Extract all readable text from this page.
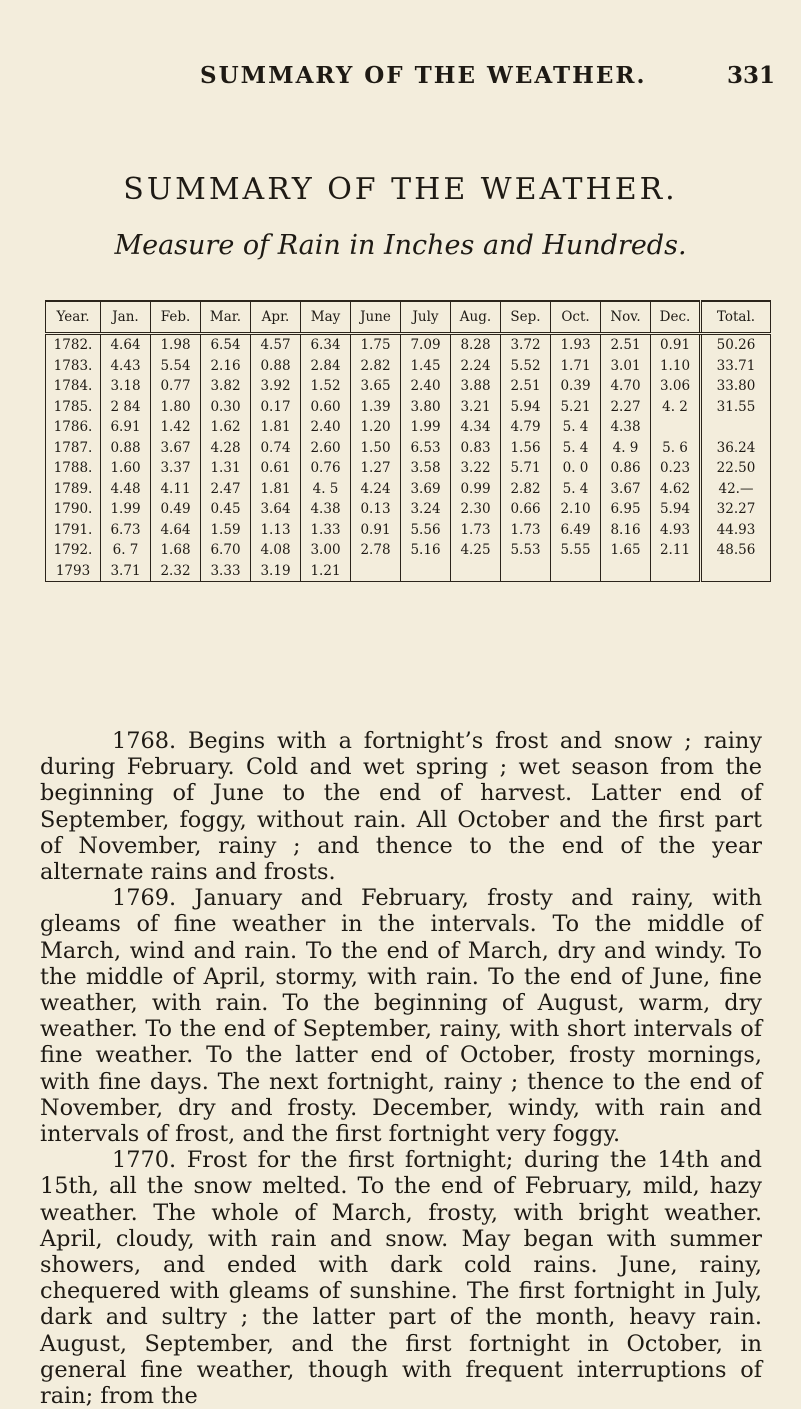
SUMMARY OF THE WEATHER.	331
SUMMARY OF THE WEATHER.
Measure of Rain in Inches and Hundreds.
Year.	Jan.	Feb.	Mar.	Apr.	May	June	July	Aug.	Sep.	Oct.	Nov.	Dec.	Total.
1782.	4.64	1.98	6.54	4.57	6.34	1.75	7.09	8.28	3.72	1.93	2.51	0.91	50.26
1783.	4.43	5.54	2.16	0.88	2.84	2.82	1.45	2.24	5.52	1.71	3.01	1.10	33.71
1784.	3.18	0.77	3.82	3.92	1.52	3.65	2.40	3.88	2.51	0.39	4.70	3.06	33.80
1785.	2 84	1.80	0.30	0.17	0.60	1.39	3.80	3.21	5.94	5.21	2.27	4. 2	31.55
1786.	6.91	1.42	1.62	1.81	2.40	1.20	1.99	4.34	4.79	5. 4	4.38		
1787.	0.88	3.67	4.28	0.74	2.60	1.50	6.53	0.83	1.56	5. 4	4. 9	5. 6	36.24
1788.	1.60	3.37	1.31	0.61	0.76	1.27	3.58	3.22	5.71	0. 0	0.86	0.23	22.50
1789.	4.48	4.11	2.47	1.81	4. 5	4.24	3.69	0.99	2.82	5. 4	3.67	4.62	42.—
1790.	1.99	0.49	0.45	3.64	4.38	0.13	3.24	2.30	0.66	2.10	6.95	5.94	32.27
1791.	6.73	4.64	1.59	1.13	1.33	0.91	5.56	1.73	1.73	6.49	8.16	4.93	44.93
1792.	6. 7	1.68	6.70	4.08	3.00	2.78	5.16	4.25	5.53	5.55	1.65	2.11	48.56
1793	3.71	2.32	3.33	3.19	1.21								

1768. Begins with a fortnight’s frost and snow ; rainy during February. Cold and wet spring ; wet season from the beginning of June to the end of harvest. Latter end of September, foggy, without rain. All October and the first part of November, rainy ; and thence to the end of the year alternate rains and frosts.

1769. January and February, frosty and rainy, with gleams of fine weather in the intervals. To the middle of March, wind and rain. To the end of March, dry and windy. To the middle of April, stormy, with rain. To the end of June, fine weather, with rain. To the beginning of August, warm, dry weather. To the end of September, rainy, with short intervals of fine weather. To the latter end of October, frosty mornings, with fine days. The next fortnight, rainy ; thence to the end of November, dry and frosty. December, windy, with rain and intervals of frost, and the first fortnight very foggy.

1770. Frost for the first fortnight; during the 14th and 15th, all the snow melted. To the end of February, mild, hazy weather. The whole of March, frosty, with bright weather. April, cloudy, with rain and snow. May began with summer showers, and ended with dark cold rains. June, rainy, chequered with gleams of sunshine. The first fortnight in July, dark and sultry ; the latter part of the month, heavy rain. August, September, and the first fortnight in October, in general fine weather, though with frequent interruptions of rain; from the
